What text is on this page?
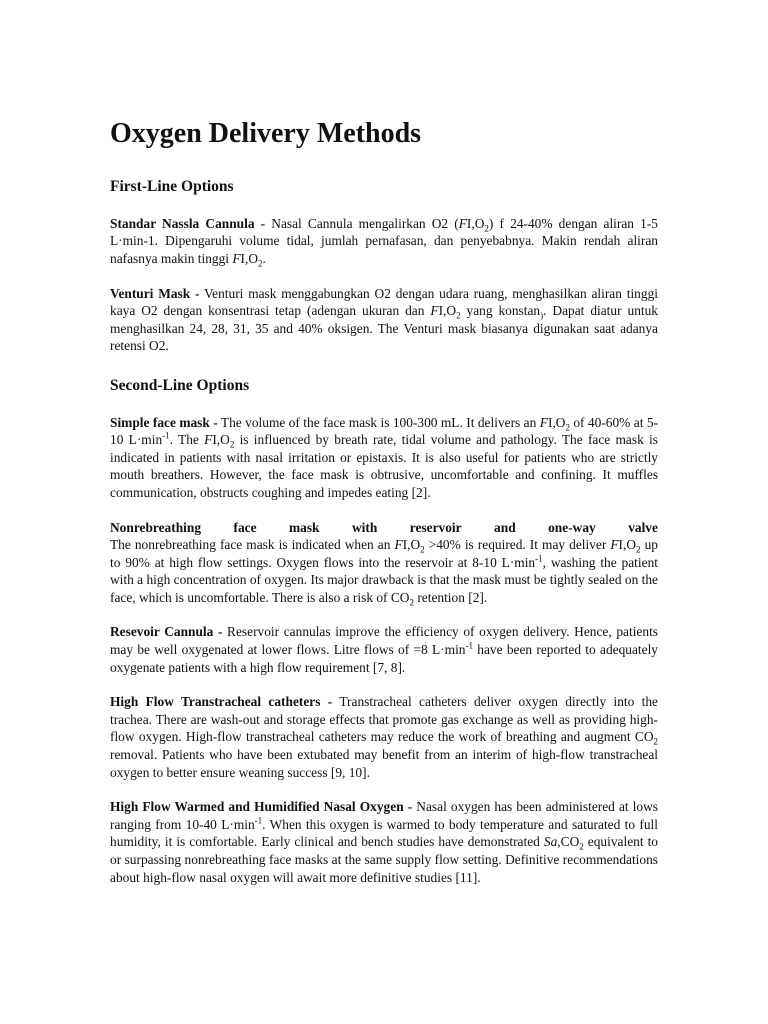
Oxygen Delivery Methods
First-Line Options

Standar Nassla Cannula - Nasal Cannula mengalirkan O2 $(FI,O_2)$ f 24-40% dengan aliran 1-5 L·min-1. Dipengaruhi volume tidal, jumlah pernafasan, dan penyebabnya. Makin rendah aliran nafasnya makin tinggi $FI,O_2$.

Venturi Mask - Venturi mask menggabungkan O2 dengan udara ruang, menghasilkan aliran tinggi kaya O2 dengan konsentrasi tetap (adengan ukuran dan $FI,O_2$ yang konstan$_)$. Dapat diatur untuk menghasilkan 24, 28, 31, 35 and 40% oksigen. The Venturi mask biasanya digunakan saat adanya retensi O2.

Second-Line Options

Simple face mask - The volume of the face mask is 100-300 mL. It delivers an $FI,O_2$ of 40-60% at 5-10 $L\cdot\min^{-1}$. The $FI,O_2$ is influenced by breath rate, tidal volume and pathology. The face mask is indicated in patients with nasal irritation or epistaxis. It is also useful for patients who are strictly mouth breathers. However, the face mask is obtrusive, uncomfortable and confining. It muffles communication, obstructs coughing and impedes eating [2].

Nonrebreathing face mask with reservoir and one-way valve

The nonrebreathing face mask is indicated when an $FI,O_2 >40\%$ is required. It may deliver $FI,O_2$ up to 90% at high flow settings. Oxygen flows into the reservoir at 8-10 $L\cdot\min^{-1}$, washing the patient with a high concentration of oxygen. Its major drawback is that the mask must be tightly sealed on the face, which is uncomfortable. There is also a risk of $CO_2$ retention [2].

Resevoir Cannula - Reservoir cannulas improve the efficiency of oxygen delivery. Hence, patients may be well oxygenated at lower flows. Litre flows of =8 $L\cdot\min^{-1}$ have been reported to adequately oxygenate patients with a high flow requirement [7, 8].

High Flow Transtracheal catheters - Transtracheal catheters deliver oxygen directly into the trachea. There are wash-out and storage effects that promote gas exchange as well as providing high-flow oxygen. High-flow transtracheal catheters may reduce the work of breathing and augment $CO_2$ removal. Patients who have been extubated may benefit from an interim of high-flow transtracheal oxygen to better ensure weaning success [9, 10].

High Flow Warmed and Humidified Nasal Oxygen - Nasal oxygen has been administered at lows ranging from 10-40 $L\cdot\min^{-1}$. When this oxygen is warmed to body temperature and saturated to full humidity, it is comfortable. Early clinical and bench studies have demonstrated $Sa,CO_2$ equivalent to or surpassing nonrebreathing face masks at the same supply flow setting. Definitive recommendations about high-flow nasal oxygen will await more definitive studies [11].
